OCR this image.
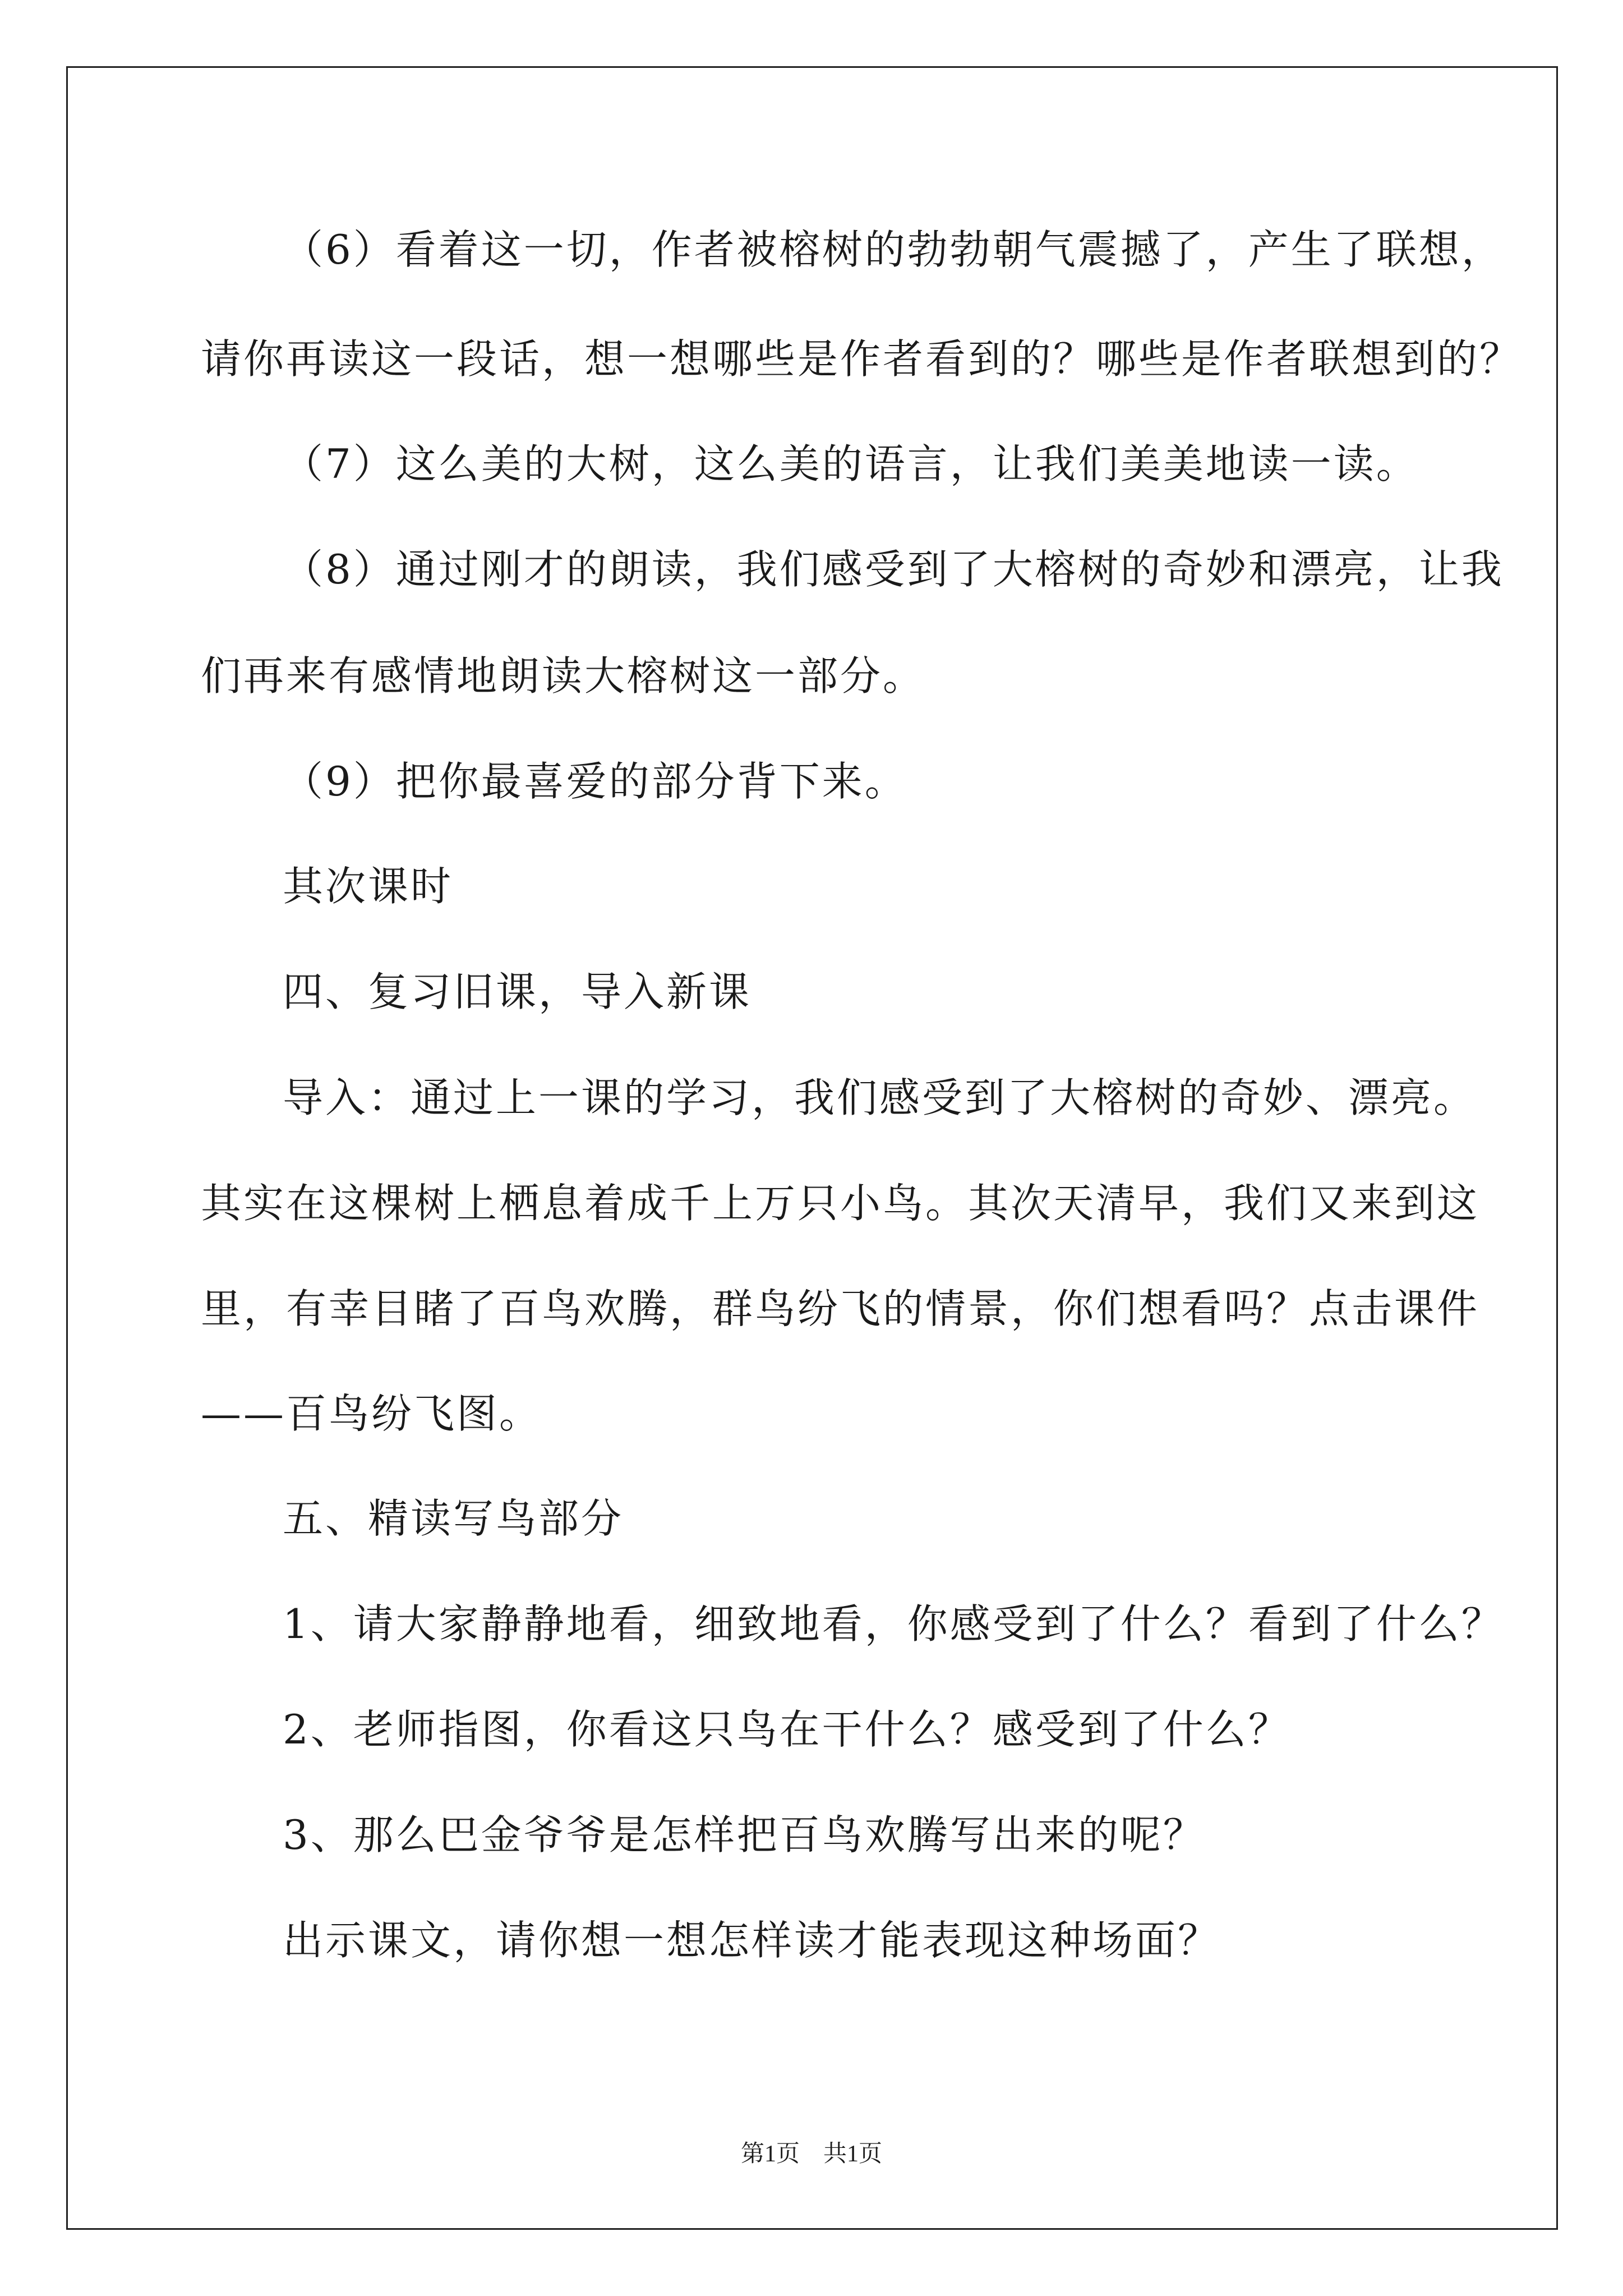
（6）看着这一切，作者被榕树的勃勃朝气震撼了，产生了联想，
请你再读这一段话，想一想哪些是作者看到的？哪些是作者联想到的？
（7）这么美的大树，这么美的语言，让我们美美地读一读。
（8）通过刚才的朗读，我们感受到了大榕树的奇妙和漂亮，让我
们再来有感情地朗读大榕树这一部分。
（9）把你最喜爱的部分背下来。
其次课时
四、复习旧课，导入新课
导入：通过上一课的学习，我们感受到了大榕树的奇妙、漂亮。
其实在这棵树上栖息着成千上万只小鸟。其次天清早，我们又来到这
里，有幸目睹了百鸟欢腾，群鸟纷飞的情景，你们想看吗？点击课件
——百鸟纷飞图。
五、精读写鸟部分
1、请大家静静地看，细致地看，你感受到了什么？看到了什么？
2、老师指图，你看这只鸟在干什么？感受到了什么？
3、那么巴金爷爷是怎样把百鸟欢腾写出来的呢？
出示课文，请你想一想怎样读才能表现这种场面？
第1页　共1页
